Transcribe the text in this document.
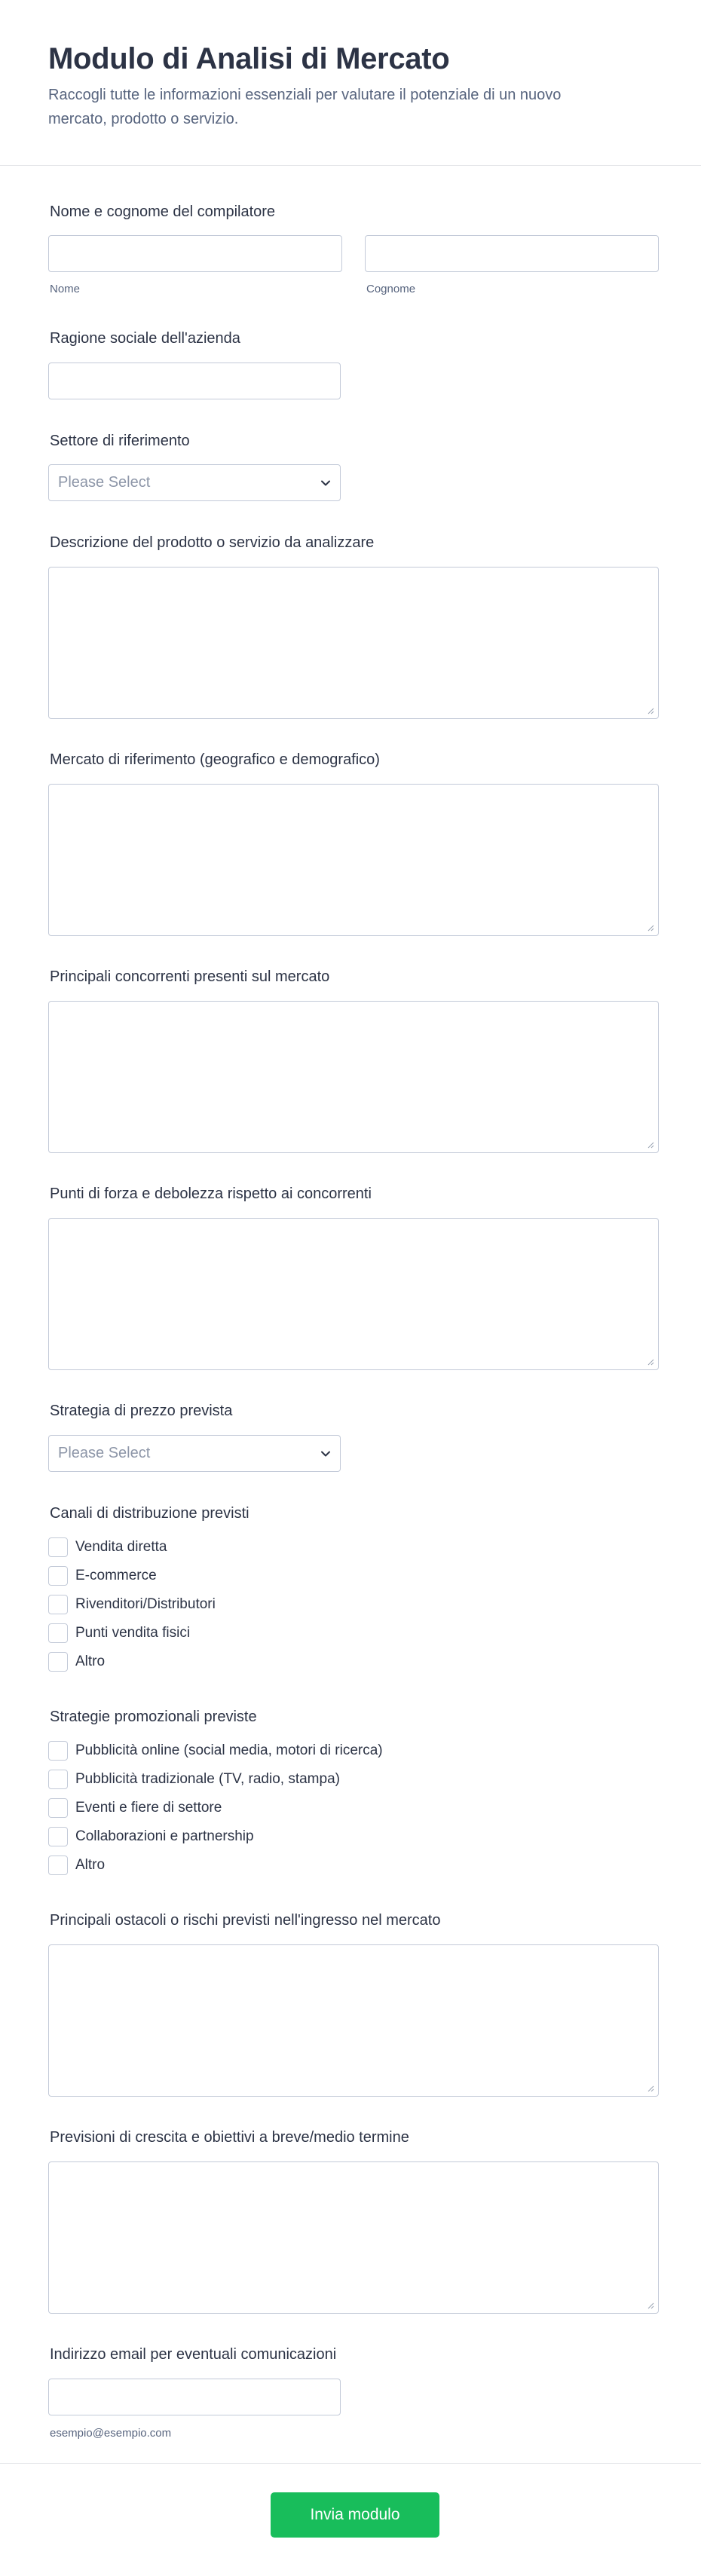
Modulo di Analisi di Mercato

Raccogli tutte le informazioni essenziali per valutare il potenziale di un nuovo mercato, prodotto o servizio.

Nome e cognome del compilatore
Nome	Cognome
Ragione sociale dell'azienda
Settore di riferimento
Please Select
Descrizione del prodotto o servizio da analizzare
Mercato di riferimento (geografico e demografico)
Principali concorrenti presenti sul mercato
Punti di forza e debolezza rispetto ai concorrenti
Strategia di prezzo prevista
Please Select
Canali di distribuzione previsti
Vendita diretta
E-commerce
Rivenditori/Distributori
Punti vendita fisici
Altro
Strategie promozionali previste
Pubblicità online (social media, motori di ricerca)
Pubblicità tradizionale (TV, radio, stampa)
Eventi e fiere di settore
Collaborazioni e partnership
Altro
Principali ostacoli o rischi previsti nell'ingresso nel mercato
Previsioni di crescita e obiettivi a breve/medio termine
Indirizzo email per eventuali comunicazioni
esempio@esempio.com
Invia modulo
